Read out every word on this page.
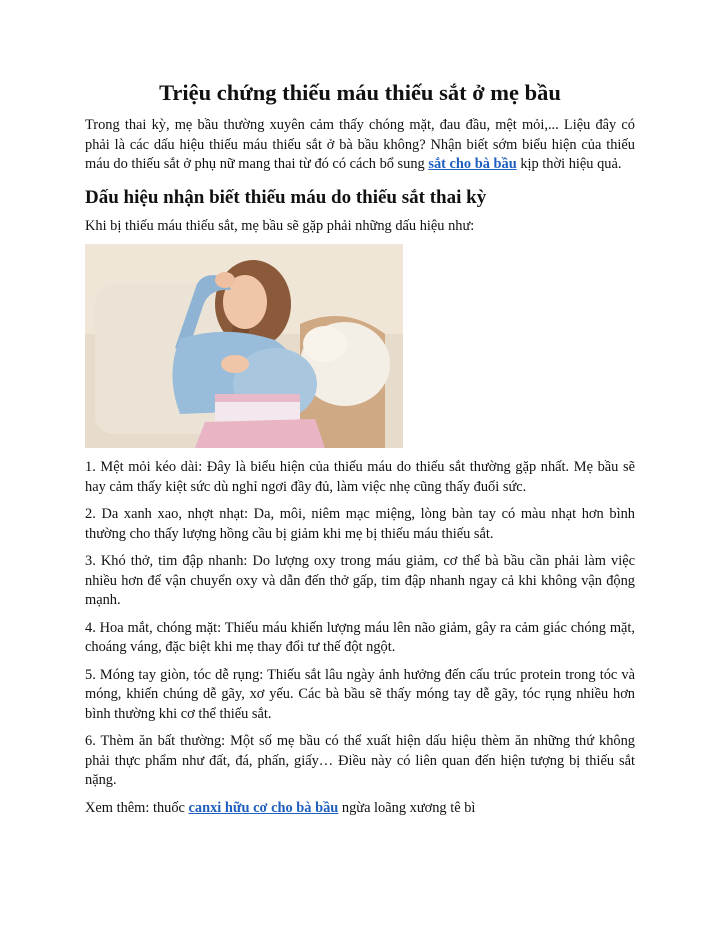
Triệu chứng thiếu máu thiếu sắt ở mẹ bầu

Trong thai kỳ, mẹ bầu thường xuyên cảm thấy chóng mặt, đau đầu, mệt mỏi,... Liệu đây có phải là các dấu hiệu thiếu máu thiếu sắt ở bà bầu không? Nhận biết sớm biểu hiện của thiếu máu do thiếu sắt ở phụ nữ mang thai từ đó có cách bổ sung sắt cho bà bầu kịp thời hiệu quả.

Dấu hiệu nhận biết thiếu máu do thiếu sắt thai kỳ

Khi bị thiếu máu thiếu sắt, mẹ bầu sẽ gặp phải những dấu hiệu như:

1. Mệt mỏi kéo dài: Đây là biểu hiện của thiếu máu do thiếu sắt thường gặp nhất. Mẹ bầu sẽ hay cảm thấy kiệt sức dù nghỉ ngơi đầy đủ, làm việc nhẹ cũng thấy đuối sức.

2. Da xanh xao, nhợt nhạt: Da, môi, niêm mạc miệng, lòng bàn tay có màu nhạt hơn bình thường cho thấy lượng hồng cầu bị giảm khi mẹ bị thiếu máu thiếu sắt.

3. Khó thở, tim đập nhanh: Do lượng oxy trong máu giảm, cơ thể bà bầu cần phải làm việc nhiều hơn để vận chuyển oxy và dẫn đến thở gấp, tim đập nhanh ngay cả khi không vận động mạnh.

4. Hoa mắt, chóng mặt: Thiếu máu khiến lượng máu lên não giảm, gây ra cảm giác chóng mặt, choáng váng, đặc biệt khi mẹ thay đổi tư thế đột ngột.

5. Móng tay giòn, tóc dễ rụng: Thiếu sắt lâu ngày ảnh hưởng đến cấu trúc protein trong tóc và móng, khiến chúng dễ gãy, xơ yếu. Các bà bầu sẽ thấy móng tay dễ gãy, tóc rụng nhiều hơn bình thường khi cơ thể thiếu sắt.

6. Thèm ăn bất thường: Một số mẹ bầu có thể xuất hiện dấu hiệu thèm ăn những thứ không phải thực phẩm như đất, đá, phấn, giấy… Điều này có liên quan đến hiện tượng bị thiếu sắt nặng.

Xem thêm: thuốc canxi hữu cơ cho bà bầu ngừa loãng xương tê bì
